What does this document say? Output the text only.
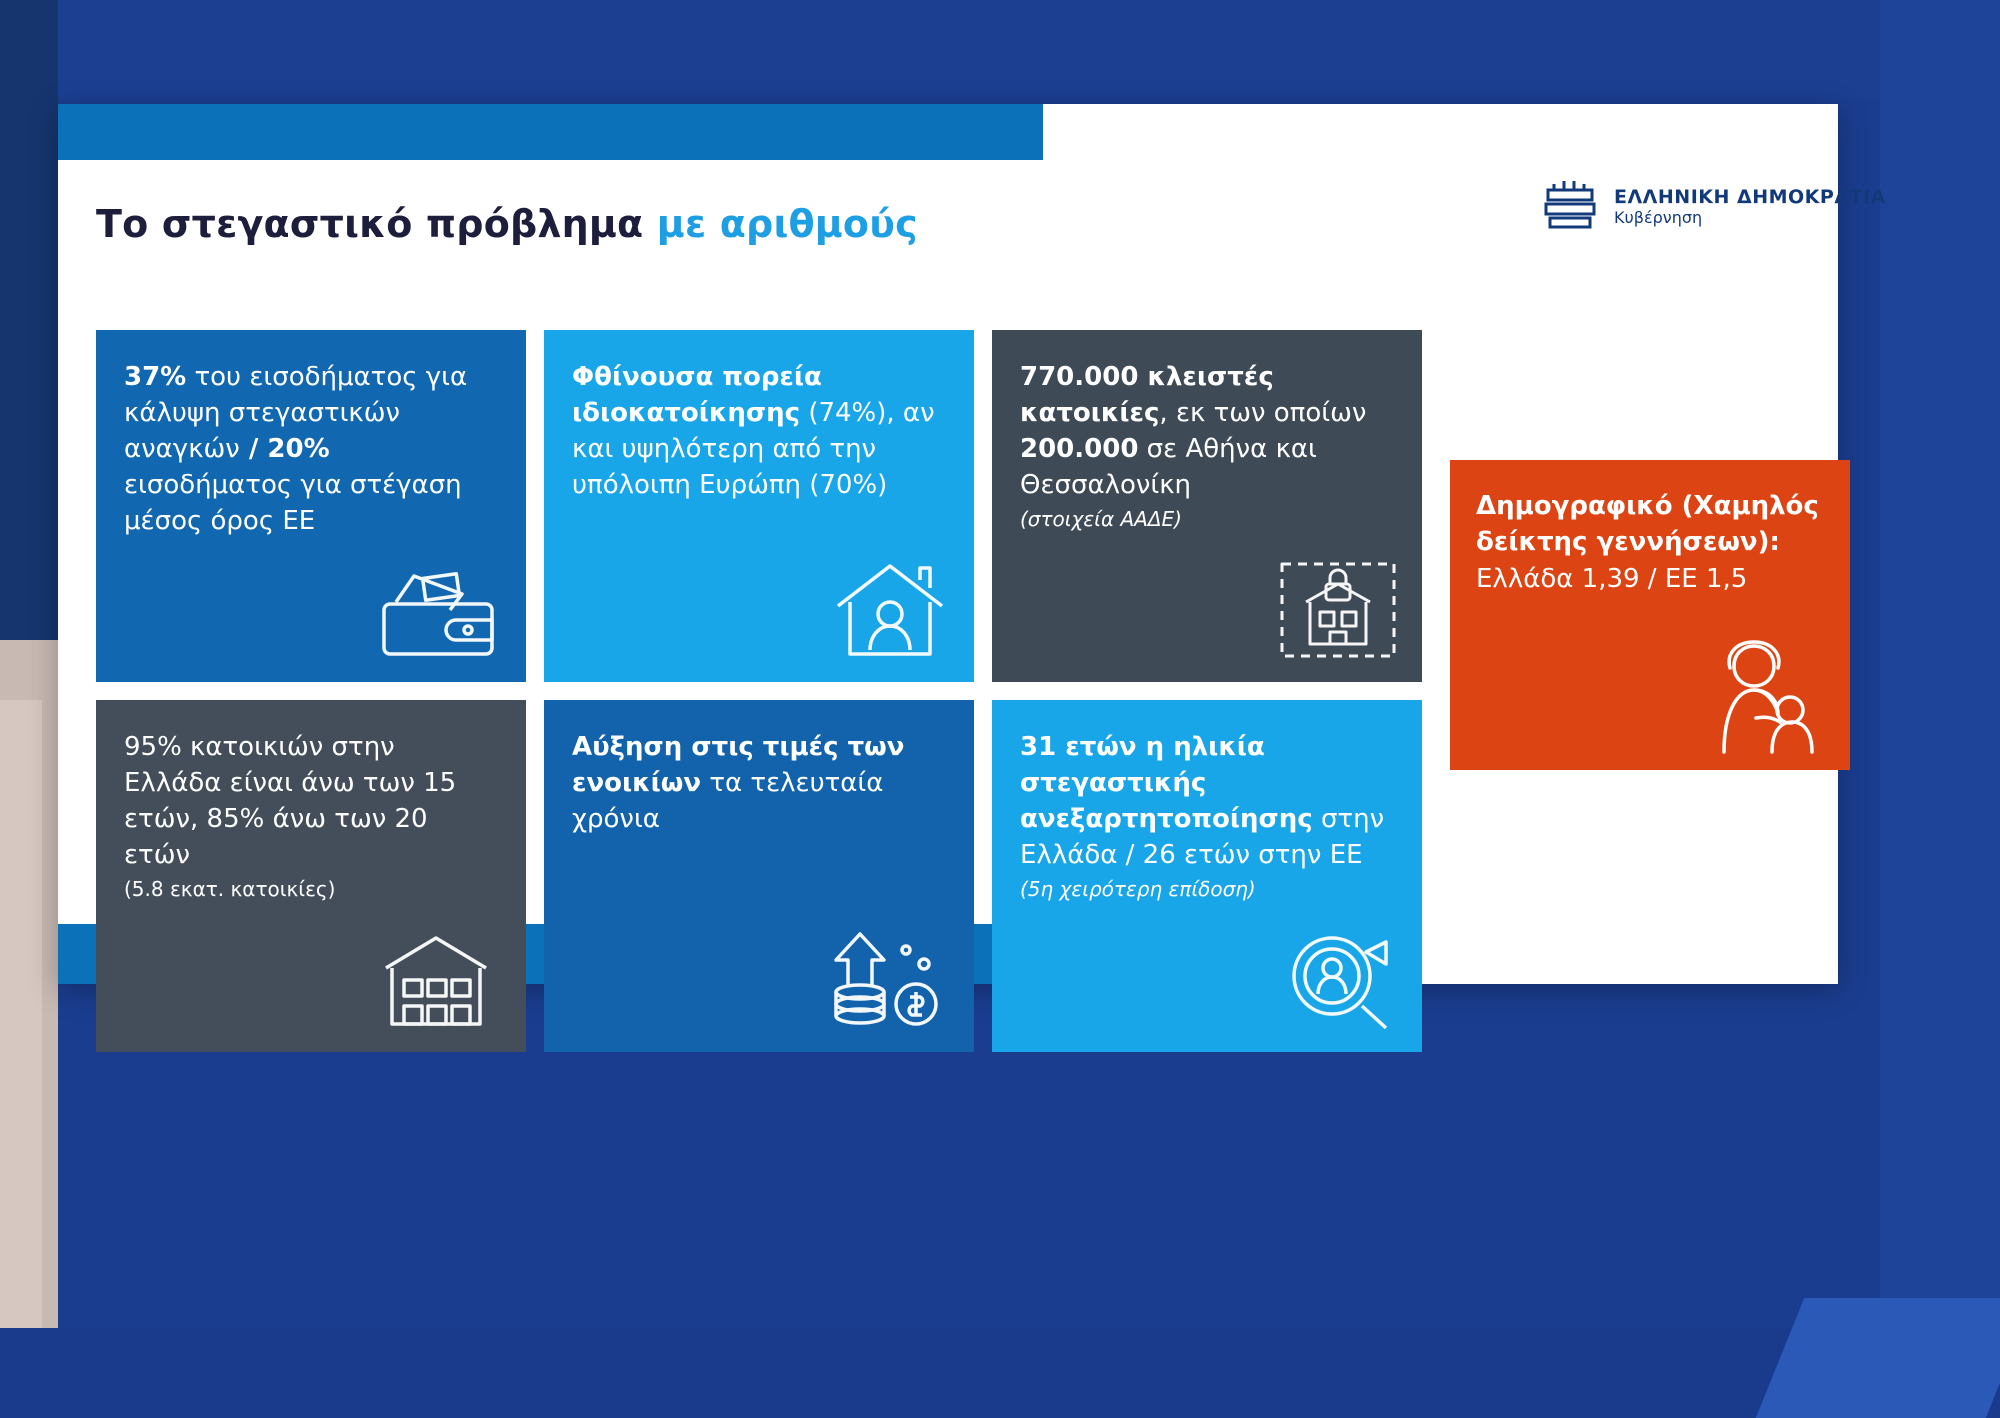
Το στεγαστικό πρόβλημα με αριθμούς
ΕΛΛΗΝΙΚΗ ΔΗΜΟΚΡΑΤΙΑ
Κυβέρνηση

37% του εισοδήματος για κάλυψη στεγαστικών αναγκών / 20% εισοδήματος για στέγαση μέσος όρος ΕΕ

Φθίνουσα πορεία ιδιοκατοίκησης (74%), αν και υψηλότερη από την υπόλοιπη Ευρώπη (70%)

770.000 κλειστές κατοικίες, εκ των οποίων 200.000 σε Αθήνα και Θεσσαλονίκη
(στοιχεία ΑΑΔΕ)

95% κατοικιών στην Ελλάδα είναι άνω των 15 ετών, 85% άνω των 20 ετών
(5.8 εκατ. κατοικίες)

Αύξηση στις τιμές των ενοικίων τα τελευταία χρόνια

31 ετών η ηλικία στεγαστικής ανεξαρτητοποίησης στην Ελλάδα / 26 ετών στην ΕΕ
(5η χειρότερη επίδοση)

Δημογραφικό (Χαμηλός δείκτης γεννήσεων):
Ελλάδα 1,39 / ΕΕ 1,5
